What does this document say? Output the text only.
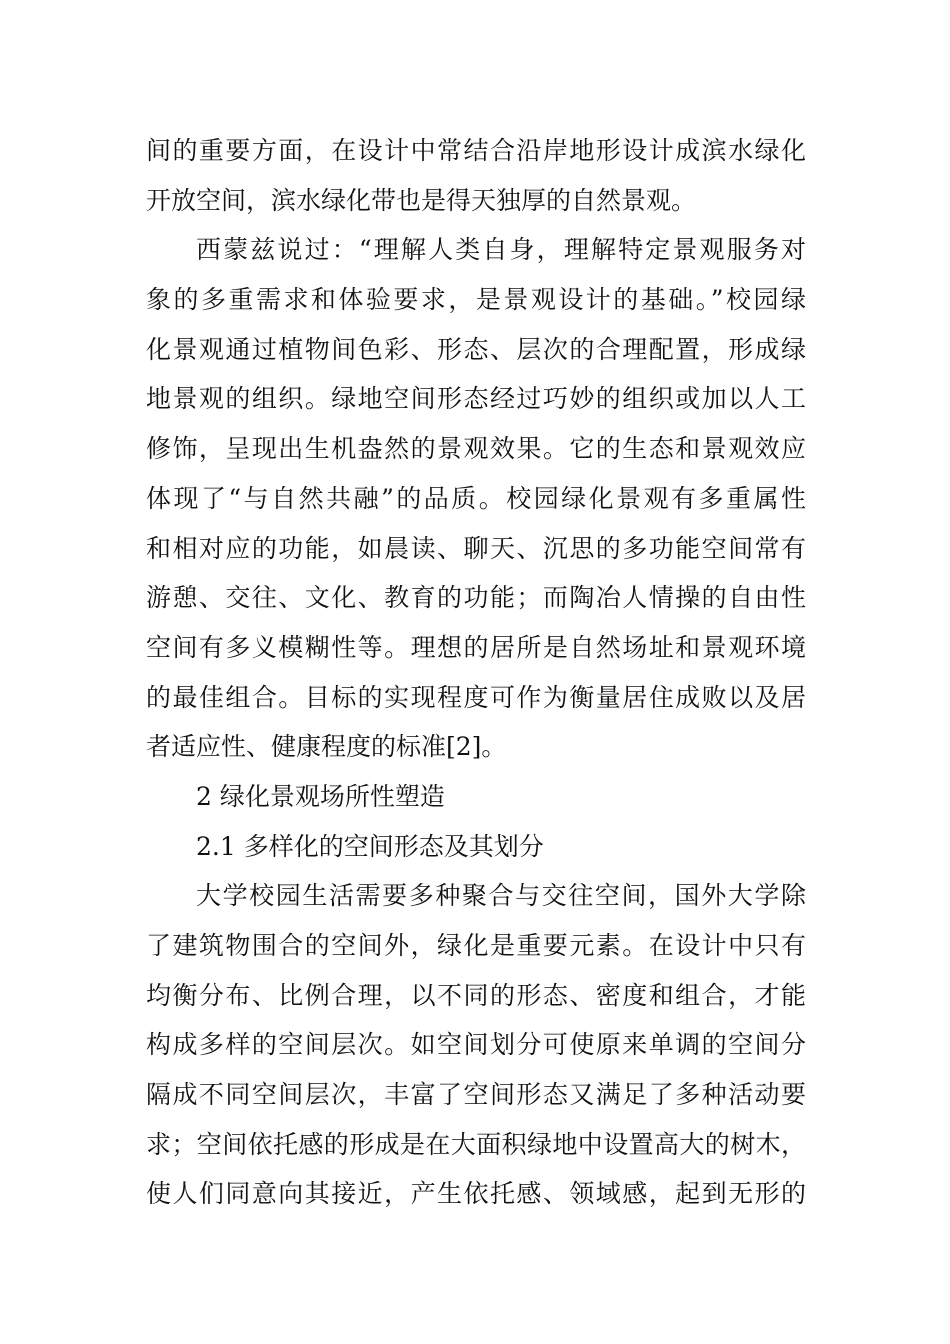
间的重要方面，在设计中常结合沿岸地形设计成滨水绿化
开放空间，滨水绿化带也是得天独厚的自然景观。
西蒙兹说过：“理解人类自身，理解特定景观服务对
象的多重需求和体验要求，是景观设计的基础。”校园绿
化景观通过植物间色彩、形态、层次的合理配置，形成绿
地景观的组织。绿地空间形态经过巧妙的组织或加以人工
修饰，呈现出生机盎然的景观效果。它的生态和景观效应
体现了“与自然共融”的品质。校园绿化景观有多重属性
和相对应的功能，如晨读、聊天、沉思的多功能空间常有
游憩、交往、文化、教育的功能；而陶冶人情操的自由性
空间有多义模糊性等。理想的居所是自然场址和景观环境
的最佳组合。目标的实现程度可作为衡量居住成败以及居
者适应性、健康程度的标准[2]。
2 绿化景观场所性塑造
2.1 多样化的空间形态及其划分
大学校园生活需要多种聚合与交往空间，国外大学除
了建筑物围合的空间外，绿化是重要元素。在设计中只有
均衡分布、比例合理，以不同的形态、密度和组合，才能
构成多样的空间层次。如空间划分可使原来单调的空间分
隔成不同空间层次，丰富了空间形态又满足了多种活动要
求；空间依托感的形成是在大面积绿地中设置高大的树木，
使人们同意向其接近，产生依托感、领域感，起到无形的
